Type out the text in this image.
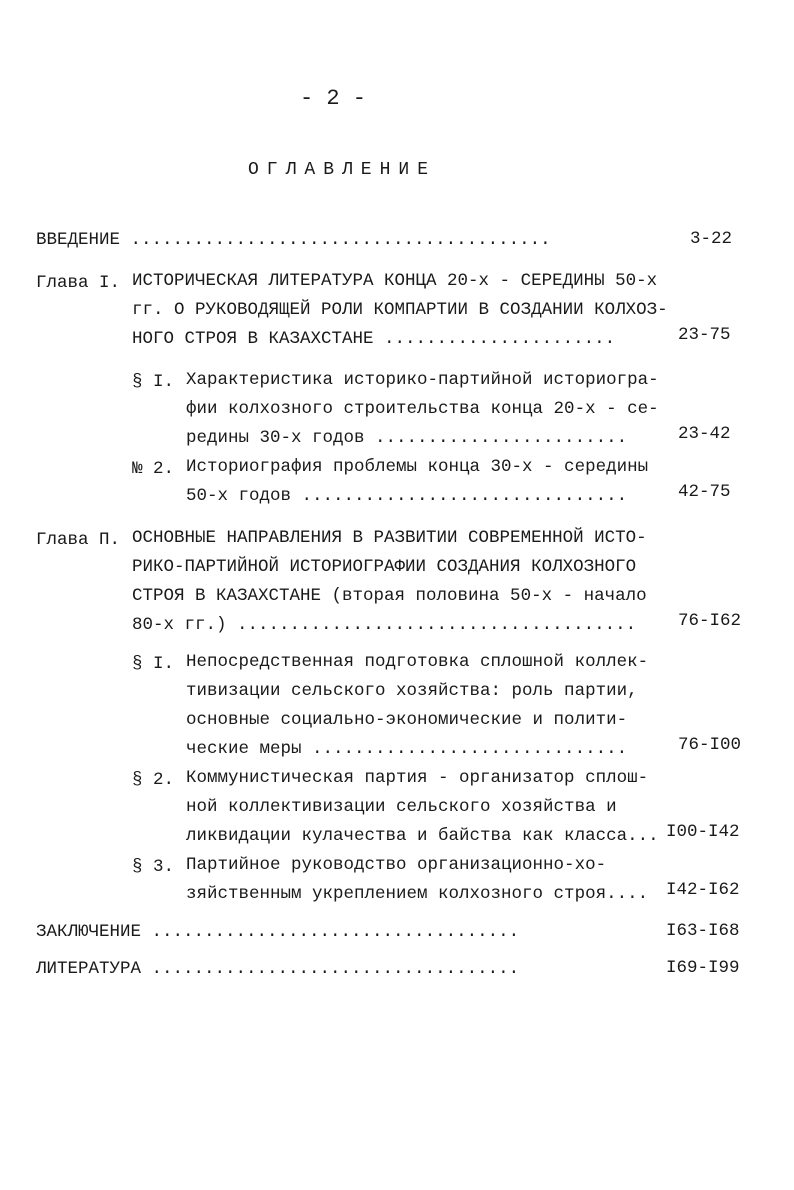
- 2 -
ОГЛАВЛЕНИЕ
ВВЕДЕНИЕ ........................................	3-22
Глава I. ИСТОРИЧЕСКАЯ ЛИТЕРАТУРА КОНЦА 20-х - СЕРЕДИНЫ 50-х
гг. О РУКОВОДЯЩЕЙ РОЛИ КОМПАРТИИ В СОЗДАНИИ КОЛХОЗ-
НОГО СТРОЯ В КАЗАХСТАНЕ ......................	23-75
§ I. Характеристика историко-партийной историогра-
фии колхозного строительства конца 20-х - се-
редины 30-х годов ........................	23-42
№ 2. Историография проблемы конца 30-х - середины
50-х годов ...............................	42-75
Глава П. ОСНОВНЫЕ НАПРАВЛЕНИЯ В РАЗВИТИИ СОВРЕМЕННОЙ ИСТО-
РИКО-ПАРТИЙНОЙ ИСТОРИОГРАФИИ СОЗДАНИЯ КОЛХОЗНОГО
СТРОЯ В КАЗАХСТАНЕ (вторая половина 50-х - начало
80-х гг.) ......................................	76-I62
§ I. Непосредственная подготовка сплошной коллек-
тивизации сельского хозяйства: роль партии,
основные социально-экономические и полити-
ческие меры ..............................	76-I00
§ 2. Коммунистическая партия - организатор сплош-
ной коллективизации сельского хозяйства и
ликвидации кулачества и байства как класса... I00-I42
§ 3. Партийное руководство организационно-хо-
зяйственным укреплением колхозного строя.... I42-I62
ЗАКЛЮЧЕНИЕ ...................................	I63-I68
ЛИТЕРАТУРА ...................................	I69-I99
